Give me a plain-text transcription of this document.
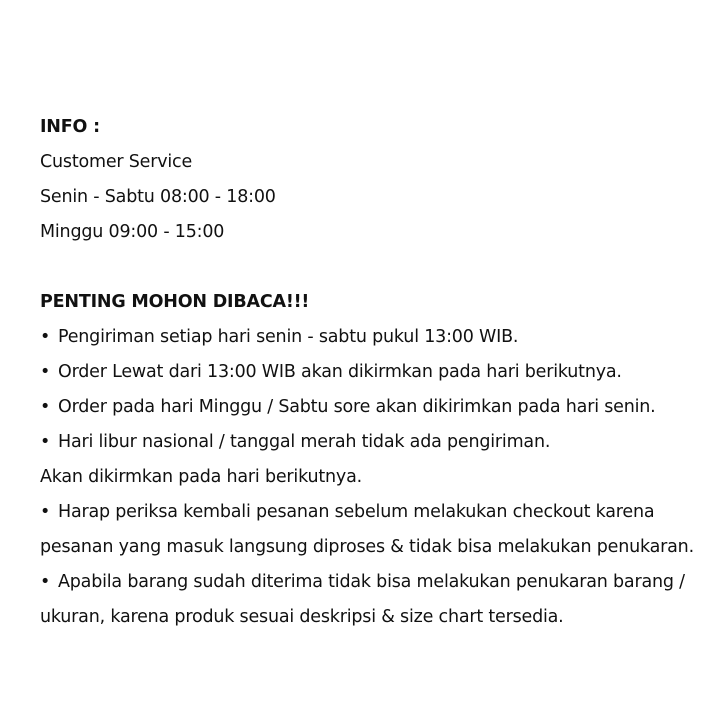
INFO :
Customer Service
Senin - Sabtu 08:00 - 18:00
Minggu 09:00 - 15:00
PENTING MOHON DIBACA!!!
• Pengiriman setiap hari senin - sabtu pukul 13:00 WIB.
• Order Lewat dari 13:00 WIB akan dikirmkan pada hari berikutnya.
• Order pada hari Minggu / Sabtu sore akan dikirimkan pada hari senin.
• Hari libur nasional / tanggal merah tidak ada pengiriman.
Akan dikirmkan pada hari berikutnya.
• Harap periksa kembali pesanan sebelum melakukan checkout karena
pesanan yang masuk langsung diproses & tidak bisa melakukan penukaran.
• Apabila barang sudah diterima tidak bisa melakukan penukaran barang /
ukuran, karena produk sesuai deskripsi & size chart tersedia.
